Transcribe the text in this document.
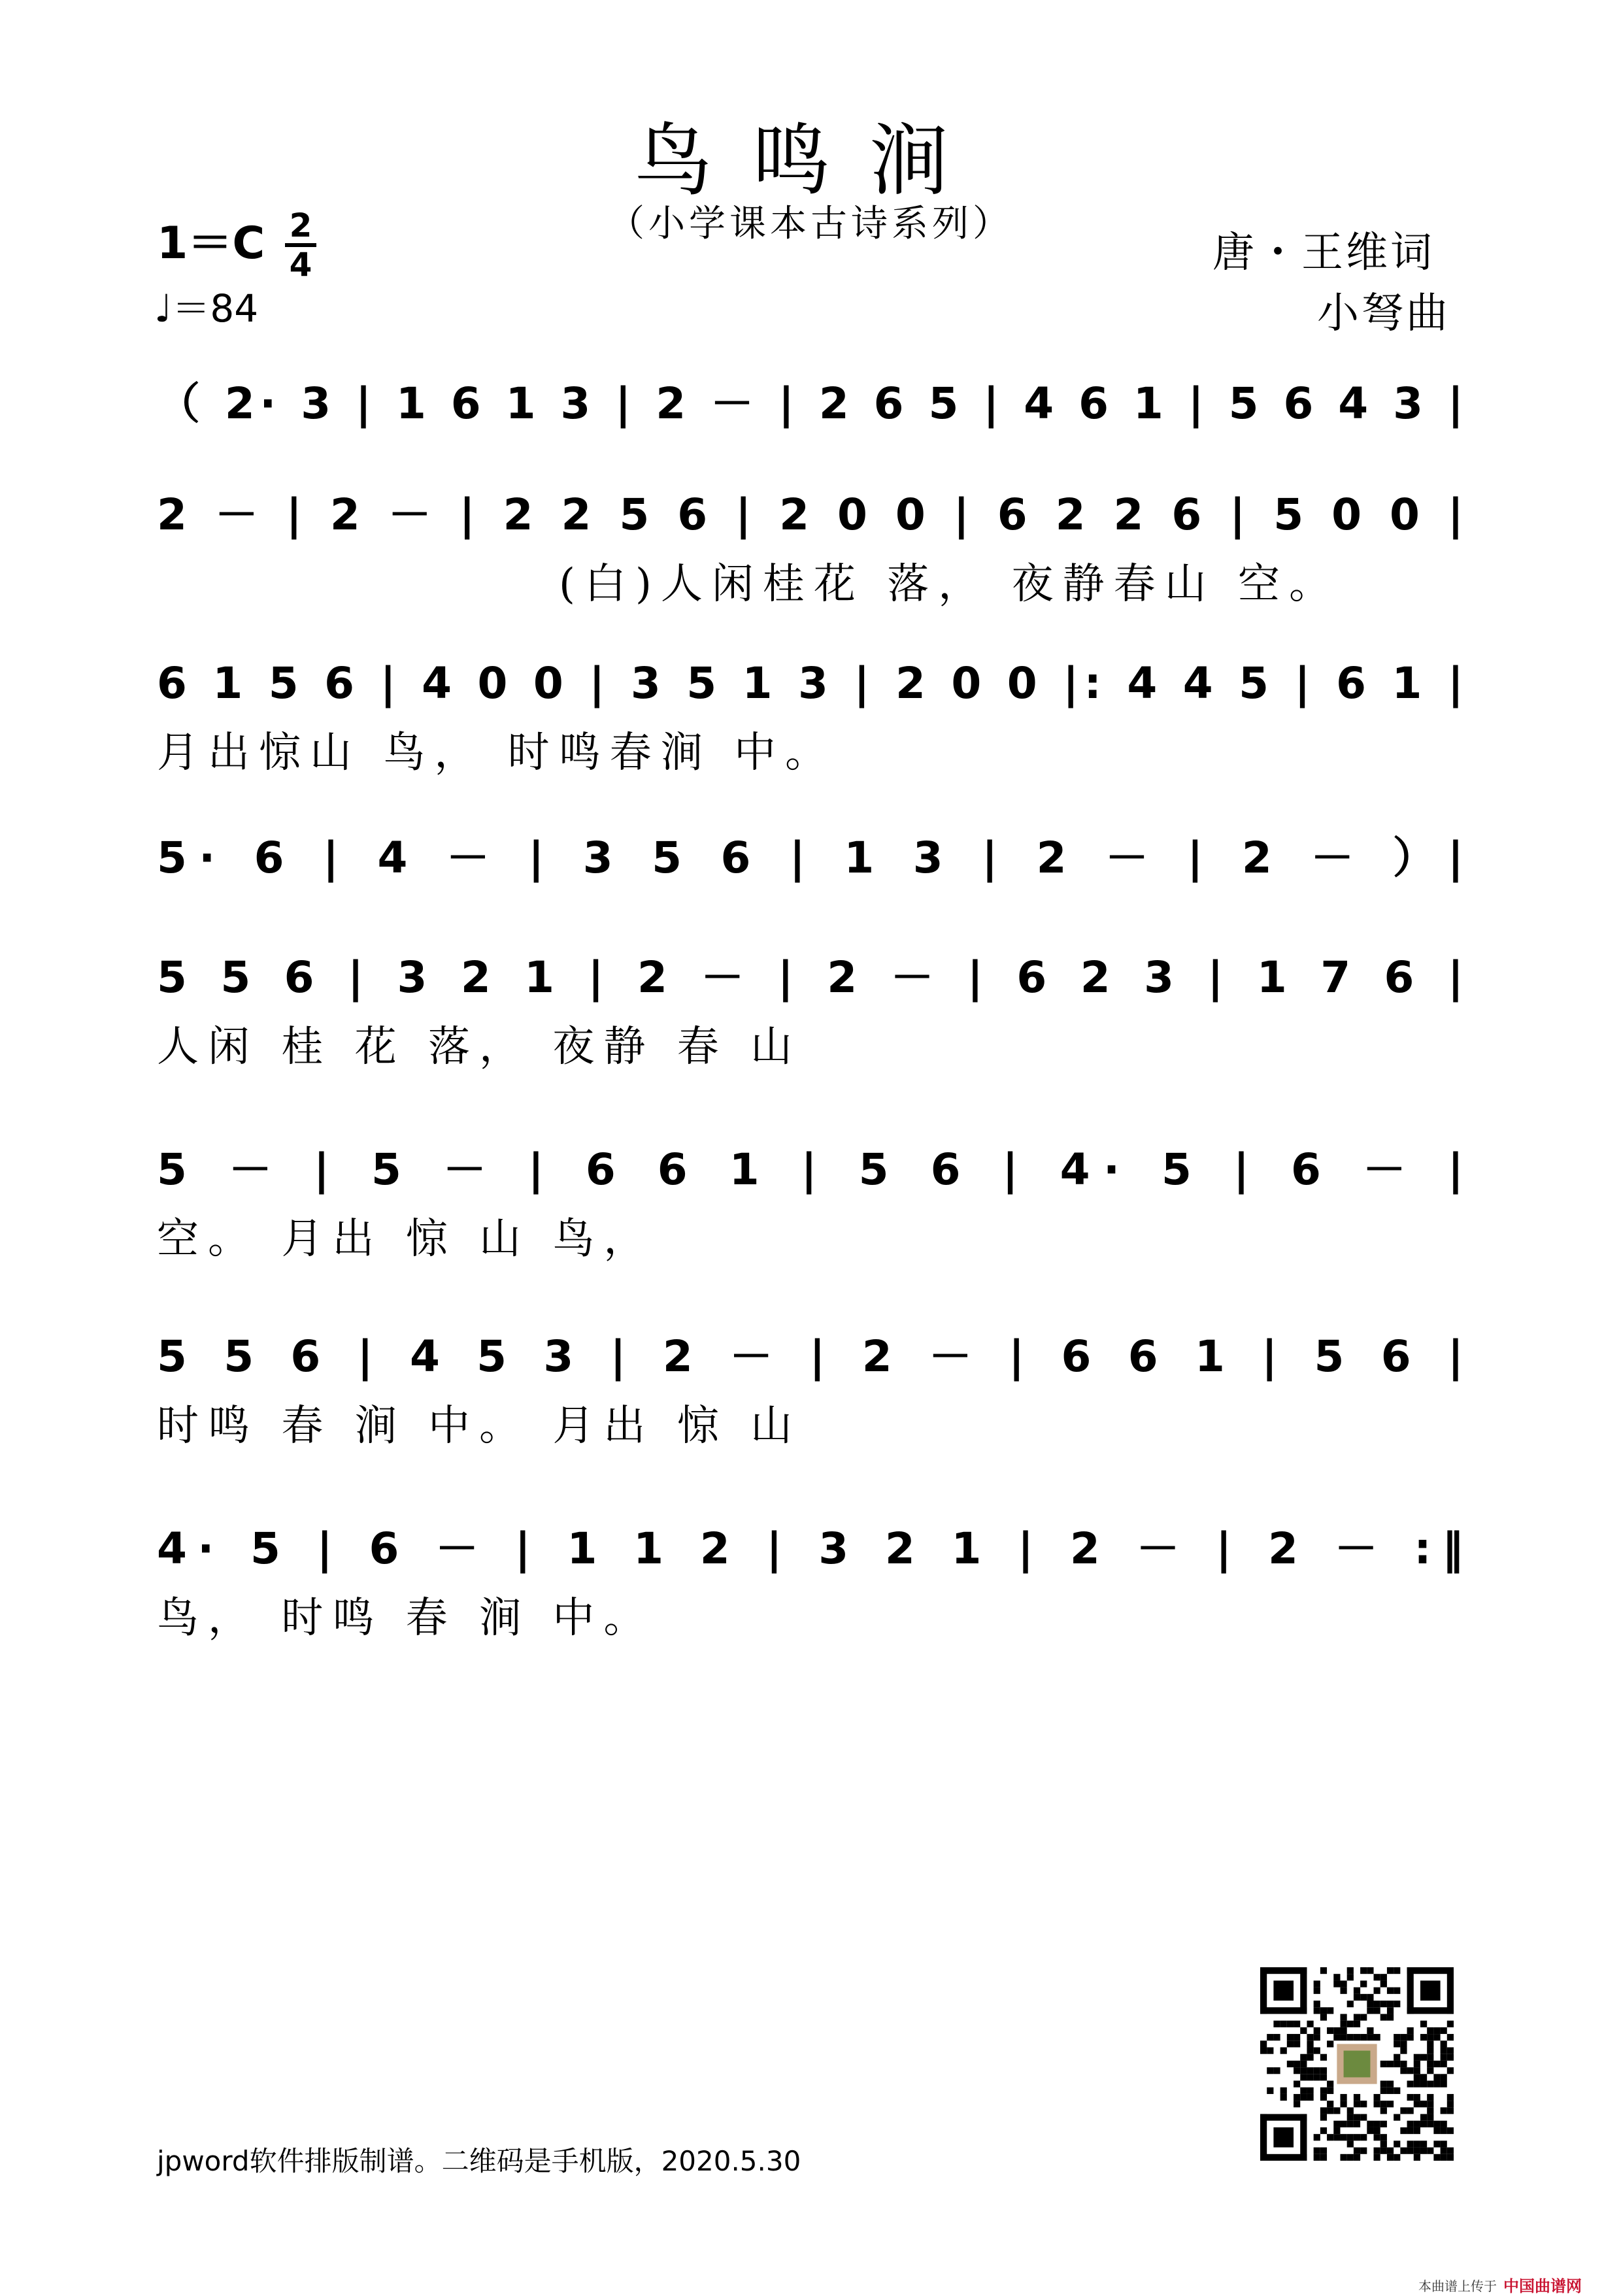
鸟鸣涧
（小学课本古诗系列）
1＝C 2
4
♩＝84
唐・王维词
小弩曲
（ 2· 3 | 1 6 1 3 | 2 － | 2 6 5 | 4 6 1 | 5 6 4 3 |
2 － | 2 － | 2 2 5 6 | 2 0 0 | 6 2 2 6 | 5 0 0 |
(白)人闲桂花 落， 夜静春山 空。
6 1 5 6 | 4 0 0 | 3 5 1 3 | 2 0 0 |: 4 4 5 | 6 1 |
月出惊山 鸟， 时鸣春涧 中。
5· 6 | 4 － | 3 5 6 | 1 3 | 2 － | 2 － ）|
5 5 6 | 3 2 1 | 2 － | 2 － | 6 2 3 | 1 7 6 |
人闲 桂 花 落， 夜静 春 山
5 － | 5 － | 6 6 1 | 5 6 | 4· 5 | 6 － |
空。 月出 惊 山 鸟，
5 5 6 | 4 5 3 | 2 － | 2 － | 6 6 1 | 5 6 |
时鸣 春 涧 中。 月出 惊 山
4· 5 | 6 － | 1 1 2 | 3 2 1 | 2 － | 2 － :‖
鸟， 时鸣 春 涧 中。
jpword软件排版制谱。二维码是手机版，2020.5.30
本曲谱上传于 中国曲谱网
